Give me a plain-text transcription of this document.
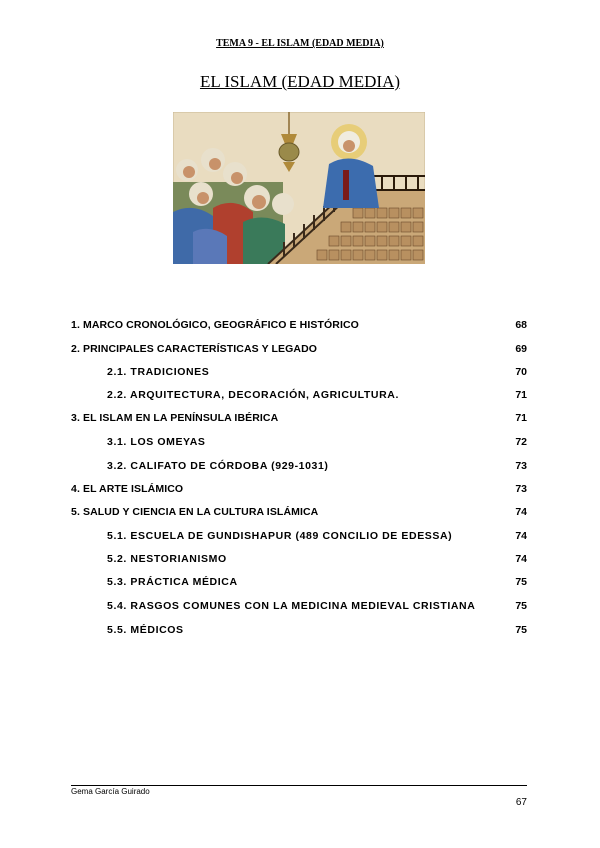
TEMA 9 - EL ISLAM (EDAD MEDIA)
EL ISLAM (EDAD MEDIA)
1. MARCO CRONOLÓGICO, GEOGRÁFICO E HISTÓRICO	68
2. PRINCIPALES CARACTERÍSTICAS Y LEGADO	69
2.1. TRADICIONES	70
2.2. ARQUITECTURA, DECORACIÓN, AGRICULTURA.	71
3. EL ISLAM EN LA PENÍNSULA IBÉRICA	71
3.1. LOS OMEYAS	72
3.2. CALIFATO DE CÓRDOBA (929-1031)	73
4. EL ARTE ISLÁMICO	73
5. SALUD Y CIENCIA EN LA CULTURA ISLÁMICA	74
5.1. ESCUELA DE GUNDISHAPUR (489 CONCILIO DE EDESSA)	74
5.2. NESTORIANISMO	74
5.3. PRÁCTICA MÉDICA	75
5.4. RASGOS COMUNES CON LA MEDICINA MEDIEVAL CRISTIANA	75
5.5. MÉDICOS	75
Gema García Guirado
67
